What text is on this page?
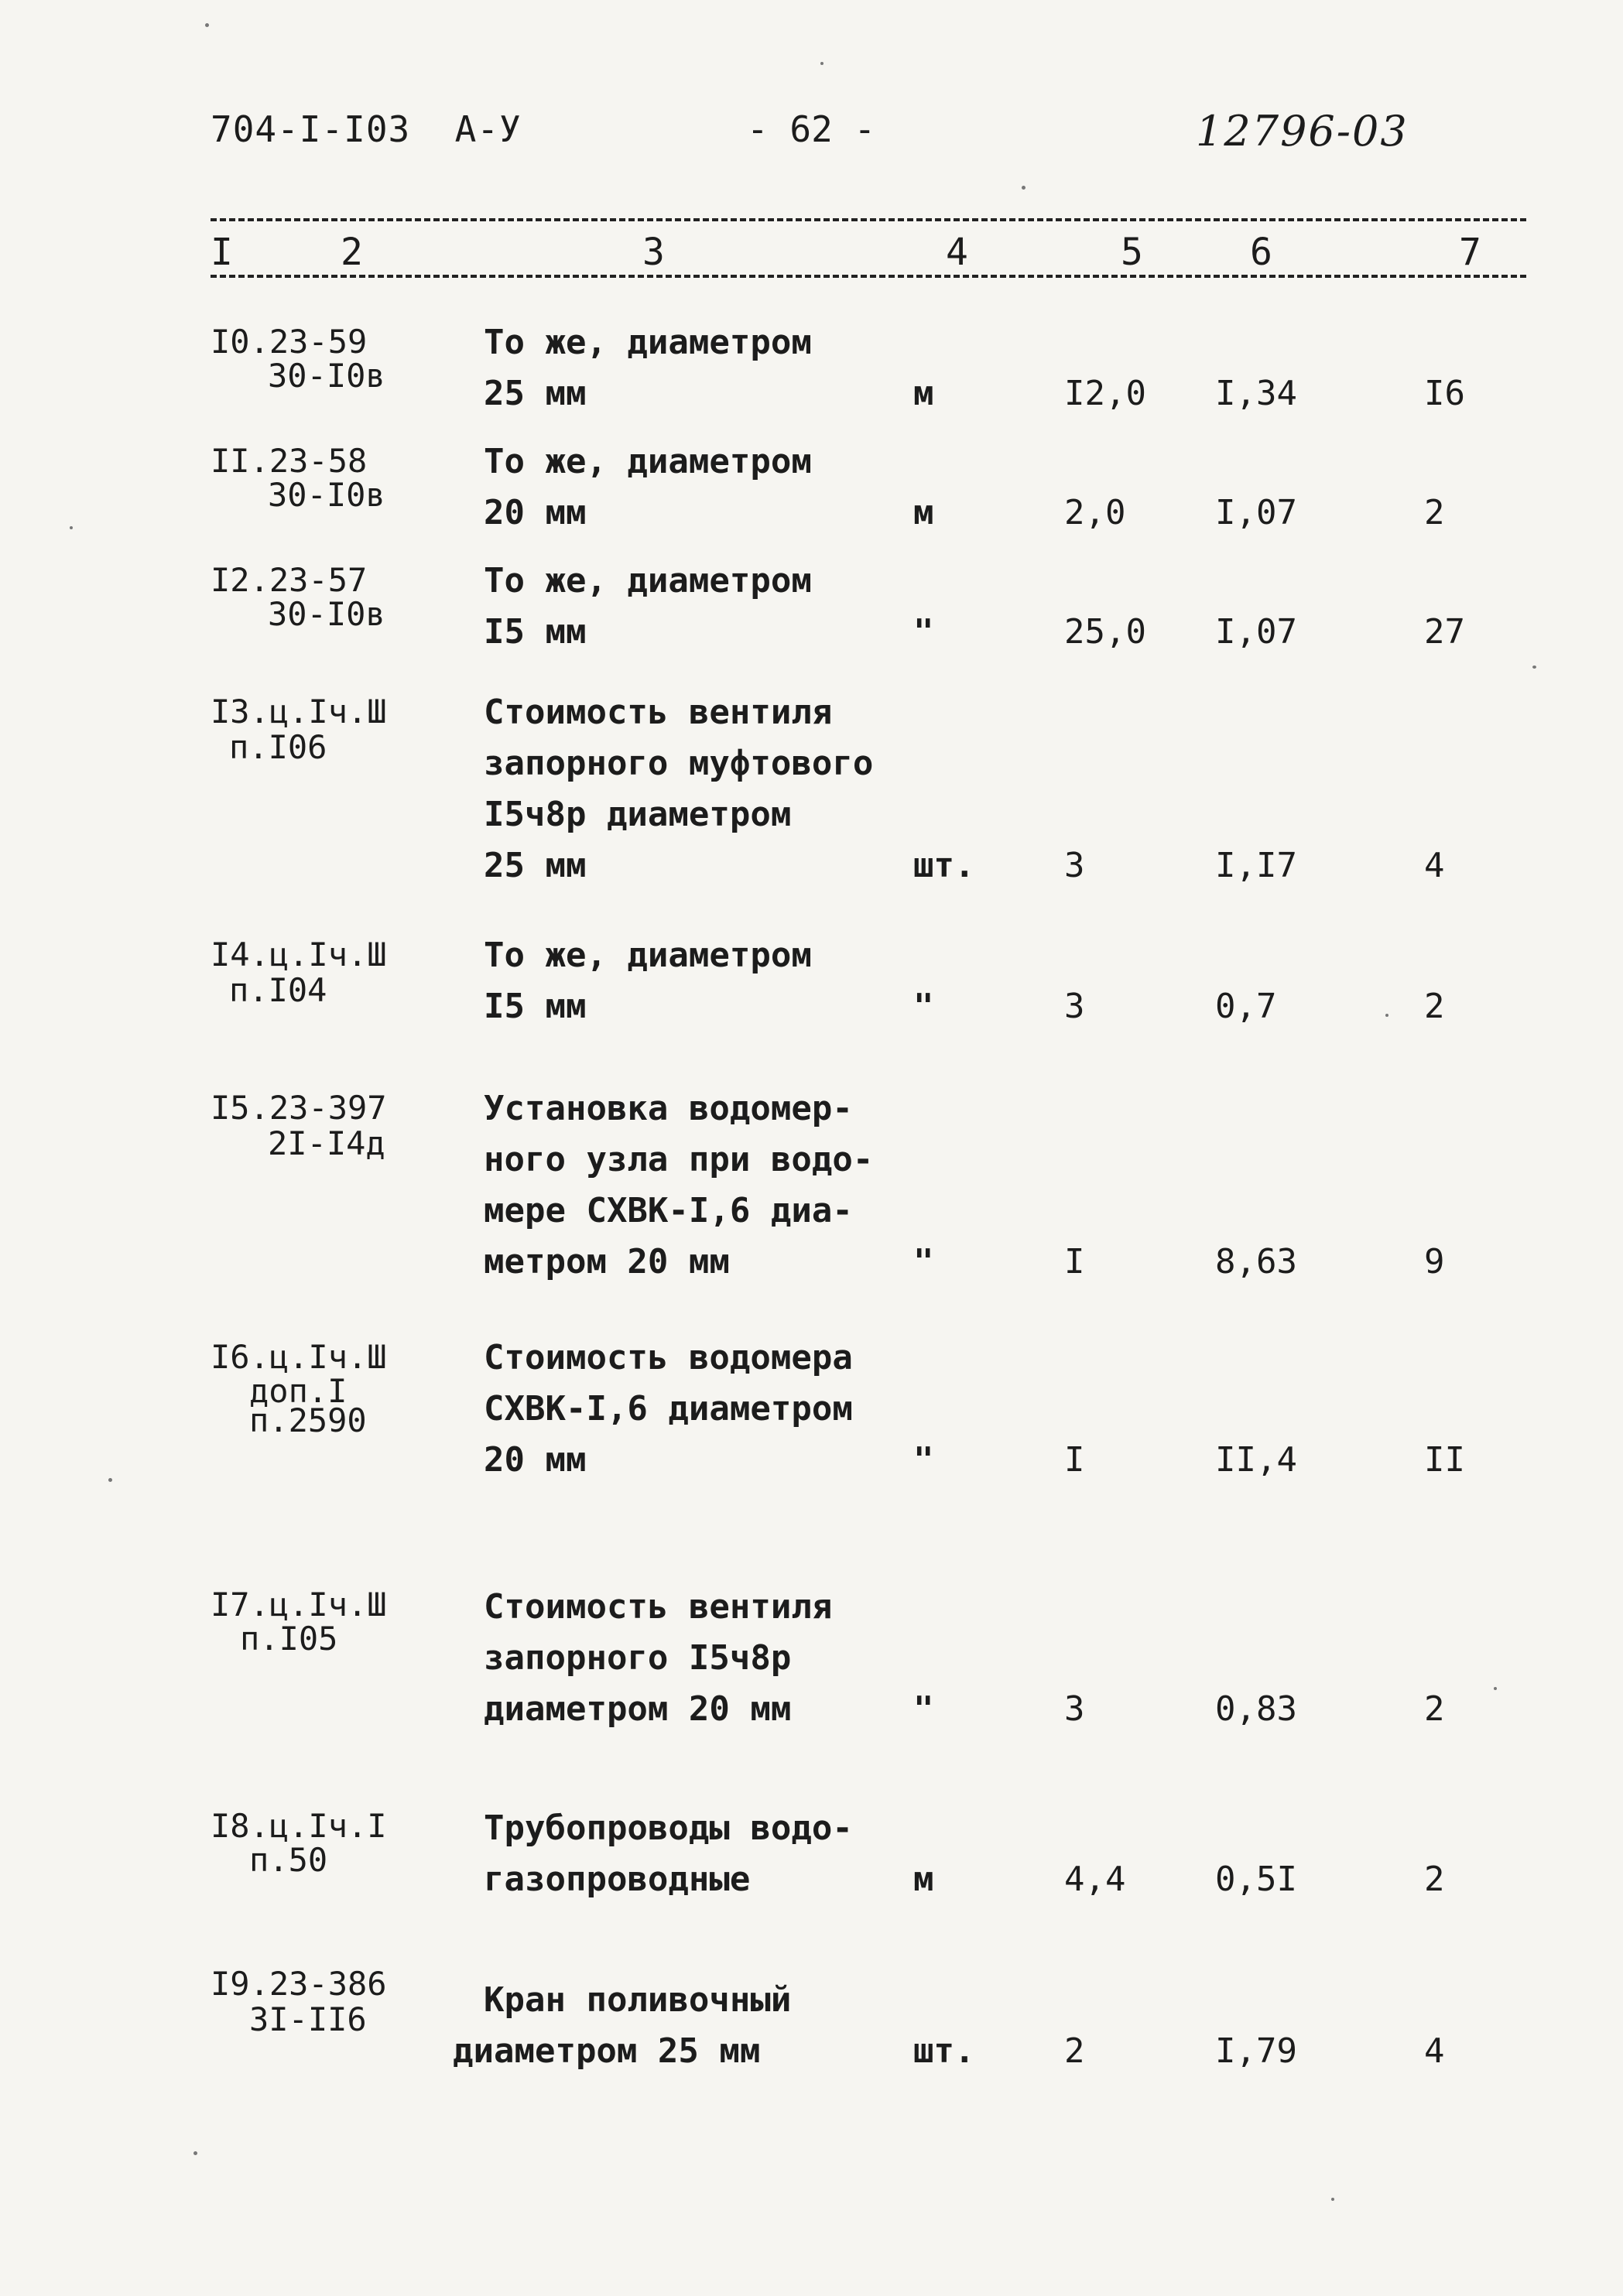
704-I-I03 А-У	- 62 -	12796-03
I	2	3	4	5	6	7
I0.23-59
30-I0в
То же, диаметром
25 мм	м	I2,0 I,34	I6
II.23-58
30-I0в
То же, диаметром
20 мм	м	2,0	I,07	2
I2.23-57
30-I0в
То же, диаметром
I5 мм	"	25,0 I,07	27
I3.ц.Iч.Ш
п.I06
Стоимость вентиля
запорного муфтового
I5ч8р диаметром
25 мм	шт.	3	I,I7	4
I4.ц.Iч.Ш
п.I04
То же, диаметром
I5 мм	"	3	0,7	2
I5.23-397
2I-I4д
Установка водомер-
ного узла при водо-
мере СХВК-I,6 диа-
метром 20 мм	"	I	8,63	9
I6.ц.Iч.Ш
доп.I
п.2590
Стоимость водомера
СХВК-I,6 диаметром
20 мм	"	I	II,4	II
I7.ц.Iч.Ш
п.I05
Стоимость вентиля
запорного I5ч8р
диаметром 20 мм	"	3	0,83	2
I8.ц.Iч.I
п.50
Трубопроводы водо-
газопроводные	м	4,4	0,5I	2
I9.23-386
3I-II6	Кран поливочный
диаметром 25 мм	шт.	2	I,79	4
